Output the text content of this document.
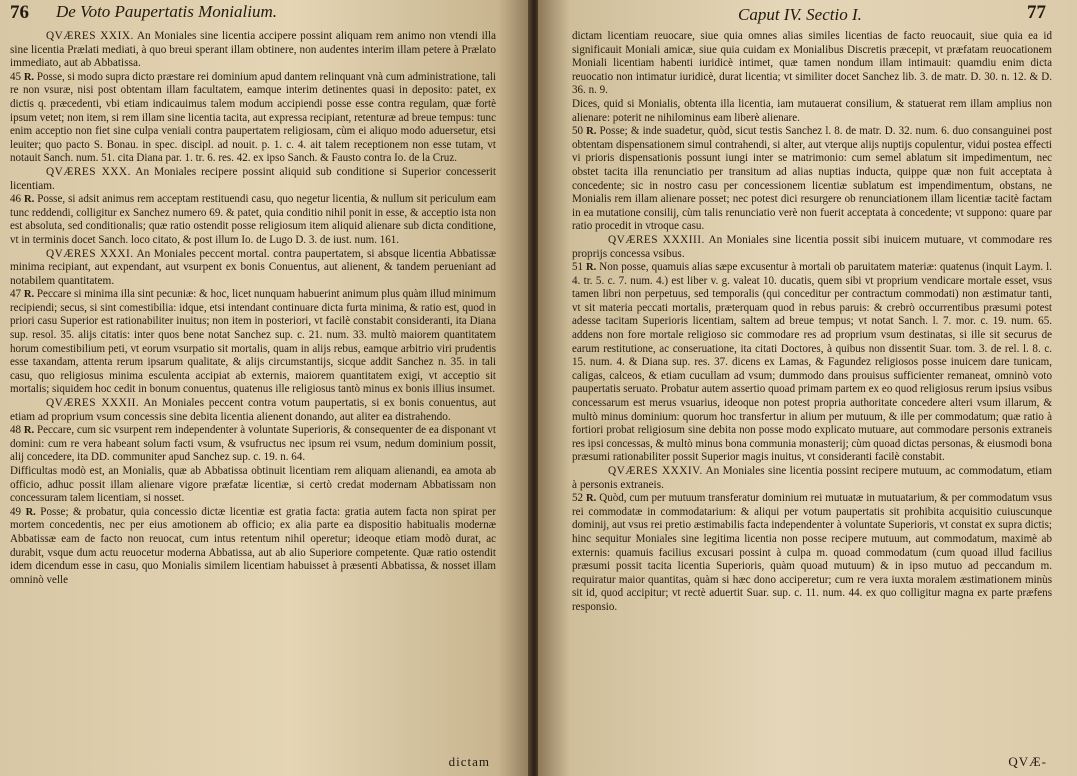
76 De Voto Paupertatis Monialium.

QVÆRES XXIX. An Moniales sine licentia accipere possint aliquam rem animo non vtendi illa sine licentia Prælati mediati, à quo breui sperant illam obtinere, non audentes interim illam petere à Prælato immediato, aut ab Abbatissa.

45 R. Posse, si modo supra dicto præstare rei dominium apud dantem relinquant vnà cum administratione, tali re non vsuræ, nisi post obtentam illam facultatem, eamque interim detinentes quasi in deposito: patet, ex dictis q. præcedenti, vbi etiam indicauimus talem modum accipiendi posse esse contra regulam, quæ fortè ipsum vetet; non item, si rem illam sine licentia tacita, aut expressa recipiant, retenturæ ad breue tempus: tunc enim acceptio non fiet sine culpa veniali contra paupertatem religiosam, cùm ei aliquo modo aduersetur, etsi leuiter; quo pacto S. Bonau. in spec. discipl. ad nouit. p. 1. c. 4. ait talem receptionem non esse tutam, vt notauit Sanch. num. 51. cita Diana par. 1. tr. 6. res. 42. ex ipso Sanch. & Fausto contra Io. de la Cruz.

QVÆRES XXX. An Moniales recipere possint aliquid sub conditione si Superior concesserit licentiam.

46 R. Posse, si adsit animus rem acceptam restituendi casu, quo negetur licentia, & nullum sit periculum eam tunc reddendi, colligitur ex Sanchez numero 69. & patet, quia conditio nihil ponit in esse, & acceptio ista non est absoluta, sed conditionalis; quæ ratio ostendit posse religiosum item aliquid alienare sub dicta conditione, vt in terminis docet Sanch. loco citato, & post illum Io. de Lugo D. 3. de iust. num. 161.

QVÆRES XXXI. An Moniales peccent mortal. contra paupertatem, si absque licentia Abbatissæ minima recipiant, aut expendant, aut vsurpent ex bonis Conuentus, aut alienent, & tandem perueniant ad notabilem quantitatem.

47 R. Peccare si minima illa sint pecuniæ: & hoc, licet nunquam habuerint animum plus quàm illud minimum recipiendi; secus, si sint comestibilia: idque, etsi intendant continuare dicta furta minima, & ratio est, quod in priori casu Superior est rationabiliter inuitus; non item in posteriori, vt facilè constabit consideranti, ita Diana sup. resol. 35. alijs citatis: inter quos bene notat Sanchez sup. c. 21. num. 33. multò maiorem quantitatem horum comestibilium peti, vt eorum vsurpatio sit mortalis, quam in alijs rebus, eamque arbitrio viri prudentis esse taxandam, attenta rerum ipsarum qualitate, & alijs circumstantijs, sicque addit Sanchez n. 35. in tali casu, quo religiosus minima esculenta accipiat ab externis, maiorem quantitatem exigi, vt acceptio sit mortalis; siquidem hoc cedit in bonum conuentus, quatenus ille religiosus tantò minus ex bonis illius insumet.

QVÆRES XXXII. An Moniales peccent contra votum paupertatis, si ex bonis conuentus, aut etiam ad proprium vsum concessis sine debita licentia alienent donando, aut aliter ea distrahendo.

48 R. Peccare, cum sic vsurpent rem independenter à voluntate Superioris, & consequenter de ea disponant vt domini: cum re vera habeant solum facti vsum, & vsufructus nec ipsum rei vsum, nedum dominium possit, alij concedere, ita DD. communiter apud Sanchez sup. c. 19. n. 64.

Difficultas modò est, an Monialis, quæ ab Abbatissa obtinuit licentiam rem aliquam alienandi, ea amota ab officio, adhuc possit illam alienare vigore præfatæ licentiæ, si certò credat modernam Abbatissam non concessuram talem licentiam, si nosset.

49 R. Posse; & probatur, quia concessio dictæ licentiæ est gratia facta: gratia autem facta non spirat per mortem concedentis, nec per eius amotionem ab officio; ex alia parte ea dispositio habitualis modernæ Abbatissæ eam de facto non reuocat, cum intus retentum nihil operetur; ideoque etiam modò durat, ac durabit, vsque dum actu reuocetur moderna Abbatissa, aut ab alio Superiore competente. Quæ ratio ostendit idem dicendum esse in casu, quo Monialis similem licentiam habuisset à præsenti Abbatissa, & nosset illam omninò velle

dictam
Caput IV. Sectio I.	77

dictam licentiam reuocare, siue quia omnes alias similes licentias de facto reuocauit, siue quia ea id significauit Moniali amicæ, siue quia cuidam ex Monialibus Discretis præcepit, vt præfatam reuocationem Moniali licentiam habenti iuridicè intimet, quæ tamen nondum illam intimauit: quamdiu enim dicta reuocatio non intimatur iuridicè, durat licentia; vt similiter docet Sanchez lib. 3. de matr. D. 30. n. 12. & D. 36. n. 9.

Dices, quid si Monialis, obtenta illa licentia, iam mutauerat consilium, & statuerat rem illam amplius non alienare: poterit ne nihilominus eam liberè alienare.

50 R. Posse; & inde suadetur, quòd, sicut testis Sanchez l. 8. de matr. D. 32. num. 6. duo consanguinei post obtentam dispensationem simul contrahendi, si alter, aut vterque alijs nuptijs copulentur, vidui postea effecti vi prioris dispensationis possunt iungi inter se matrimonio: cum semel ablatum sit impedimentum, nec obstet tacita illa renunciatio per transitum ad alias nuptias inducta, quippe quæ non fuit acceptata à concedente; sic in nostro casu per concessionem licentiæ sublatum est impendimentum, obstans, ne Monialis rem illam alienare posset; nec potest dici resurgere ob renunciationem illam licentiæ tacitè factam in ea mutatione consilij, cùm talis renunciatio verè non fuerit acceptata à concedente; vt suppono: quare par ratio procedit in vtroque casu.

QVÆRES XXXIII. An Moniales sine licentia possit sibi inuicem mutuare, vt commodare res proprijs concessa vsibus.

51 R. Non posse, quamuis alias sæpe excusentur à mortali ob paruitatem materiæ: quatenus (inquit Laym. l. 4. tr. 5. c. 7. num. 4.) est liber v. g. valeat 10. ducatis, quem sibi vt proprium vendicare mortale esset, vsus tamen libri non perpetuus, sed temporalis (qui conceditur per contractum commodati) non æstimatur tanti, vt sit materia peccati mortalis, præterquam quod in rebus paruis: & crebrò occurrentibus præsumi potest adesse tacitam Superioris licentiam, saltem ad breue tempus; vt notat Sanch. l. 7. mor. c. 19. num. 65. addens non fore mortale religioso sic commodare res ad proprium vsum destinatas, si ille sit securus de earum restitutione, ac conseruatione, ita citati Doctores, à quibus non dissentit Suar. tom. 3. de rel. l. 8. c. 15. num. 4. & Diana sup. res. 37. dicens ex Lamas, & Fagundez religiosos posse inuicem dare tunicam, caligas, calceos, & etiam cucullam ad vsum; dummodo dans prouisus sufficienter remaneat, omninò voto paupertatis seruato. Probatur autem assertio quoad primam partem ex eo quod religiosus rerum ipsius vsibus concessarum est merus vsuarius, ideoque non potest propria authoritate concedere alteri vsum illarum, & multò minus dominium: quorum hoc transfertur in alium per mutuum, & ille per commodatum; quæ ratio à fortiori probat religiosum sine debita non posse modo explicato mutuare, aut commodare personis extraneis res ipsi concessas, & multò minus bona communia monasterij; cùm quoad dictas personas, & eiusmodi bona præsumi rationabiliter possit Superior magis inuitus, vt consideranti facilè constabit.

QVÆRES XXXIV. An Moniales sine licentia possint recipere mutuum, ac commodatum, etiam à personis extraneis.

52 R. Quòd, cum per mutuum transferatur dominium rei mutuatæ in mutuatarium, & per commodatum vsus rei commodatæ in commodatarium: & aliqui per votum paupertatis sit prohibita acquisitio cuiuscunque dominij, aut vsus rei pretio æstimabilis facta independenter à voluntate Superioris, vt constat ex supra dictis; hinc sequitur Moniales sine legitima licentia non posse recipere mutuum, aut commodatum, maximè ab externis: quamuis facilius excusari possint à culpa m. quoad commodatum (cum quoad illud facilius præsumi possit tacita licentia Superioris, quàm quoad mutuum) & in ipso mutuo ad peccandum m. requiratur maior quantitas, quàm si hæc dono acciperetur; cum re vera iuxta moralem æstimationem minùs sit id, quod accipitur; vt rectè aduertit Suar. sup. c. 11. num. 44. ex quo colligitur magna ex parte præfens responsio.

QVÆ-
